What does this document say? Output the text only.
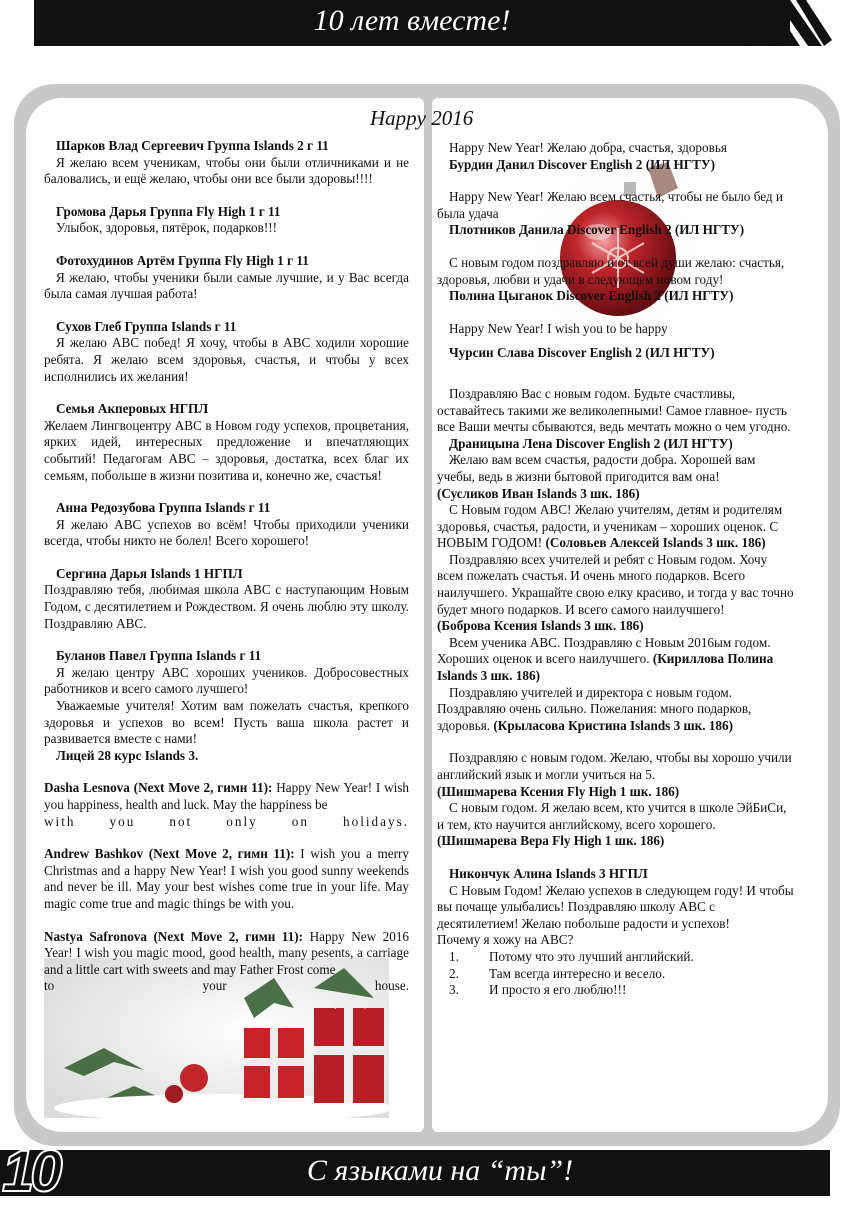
10 лет вместе!
Happy 2016

Шарков Влад Сергеевич Группа Islands 2 г 11

Я желаю всем ученикам, чтобы они были отличниками и не баловались, и ещё желаю, чтобы они все были здоровы!!!!

Громова Дарья Группа Fly High 1 г 11

Улыбок, здоровья, пятёрок, подарков!!!

Фотохудинов Артём Группа Fly High 1 г 11

Я желаю, чтобы ученики были самые лучшие, и у Вас всегда была самая лучшая работа!

Сухов Глеб Группа Islands г 11

Я желаю АВС побед! Я хочу, чтобы в АВС ходили хорошие ребята. Я желаю всем здоровья, счастья, и чтобы у всех исполнились их желания!

Семья Акперовых НГПЛ

Желаем Лингвоцентру АВС в Новом году успехов, процветания, ярких идей, интересных предложение и впечатляющих событий! Педагогам АВС – здоровья, достатка, всех благ их семьям, побольше в жизни позитива и, конечно же, счастья!

Анна Редозубова Группа Islands г 11

Я желаю АВС успехов во всём! Чтобы приходили ученики всегда, чтобы никто не болел! Всего хорошего!

Сергина Дарья Islands 1 НГПЛ

Поздравляю тебя, любимая школа АВС с наступающим Новым Годом, с десятилетием и Рождеством. Я очень люблю эту школу. Поздравляю АВС.

Буланов Павел Группа Islands г 11

Я желаю центру АВС хороших учеников. Добросовестных работников и всего самого лучшего!

Уважаемые учителя! Хотим вам пожелать счастья, крепкого здоровья и успехов во всем! Пусть ваша школа растет и развивается вместе с нами!

Лицей 28 курс Islands 3.

Dasha Lesnova (Next Move 2, гимн 11): Happy New Year! I wish you happiness, health and luck. May the happiness be

with you not only on holidays.

Andrew Bashkov (Next Move 2, гимн 11): I wish you a merry Christmas and a happy New Year! I wish you good sunny weekends and never be ill. May your best wishes come true in your life. May magic come true and magic things be with you.

Nastya Safronova (Next Move 2, гимн 11): Happy New 2016 Year! I wish you magic mood, good health, many pesents, a carriage and a little cart with sweets and may Father Frost come

to your house.

Happy New Year! Желаю добра, счастья, здоровья

Бурдин Данил Discover English 2 (ИЛ НГТУ)

Happy New Year! Желаю всем счастья, чтобы не было бед и была удача

Плотников Данила Discover English 2 (ИЛ НГТУ)

С новым годом поздравляю и от всей души желаю: счастья, здоровья, любви и удачи в следующем новом году!

Полина Цыганок Discover English 2 (ИЛ НГТУ)

Happy New Year! I wish you to be happy

Чурсин Слава Discover English 2 (ИЛ НГТУ)

Поздравляю Вас с новым годом. Будьте счастливы, оставайтесь такими же великолепными! Самое главное- пусть все Ваши мечты сбываются, ведь мечтать можно о чем угодно.

Драницына Лена Discover English 2 (ИЛ НГТУ)

Желаю вам всем счастья, радости добра. Хорошей вам учебы, ведь в жизни бытовой пригодится вам она!

(Сусликов Иван Islands 3 шк. 186)

С Новым годом АВС! Желаю учителям, детям и родителям здоровья, счастья, радости, и ученикам – хороших оценок. С НОВЫМ ГОДОМ! (Соловьев Алексей Islands 3 шк. 186)

Поздравляю всех учителей и ребят с Новым годом. Хочу всем пожелать счастья. И очень много подарков. Всего наилучшего. Украшайте свою елку красиво, и тогда у вас точно будет много подарков. И всего самого наилучшего!

(Боброва Ксения Islands 3 шк. 186)

Всем ученика АВС. Поздравляю с Новым 2016ым годом. Хороших оценок и всего наилучшего. (Кириллова Полина Islands 3 шк. 186)

Поздравляю учителей и директора с новым годом. Поздравляю очень сильно. Пожелания: много подарков, здоровья. (Крыласова Кристина Islands 3 шк. 186)

Поздравляю с новым годом. Желаю, чтобы вы хорошо учили английский язык и могли учиться на 5.

(Шишмарева Ксения Fly High 1 шк. 186)

С новым годом. Я желаю всем, кто учится в школе ЭйБиСи, и тем, кто научится английскому, всего хорошего. (Шишмарева Вера Fly High 1 шк. 186)

Никончук Алина Islands 3 НГПЛ

С Новым Годом! Желаю успехов в следующем году! И чтобы вы почаще улыбались! Поздравляю школу АВС с десятилетием! Желаю побольше радости и успехов!

Почему я хожу на АВС?

1. Потому что это лучший английский.
2. Там всегда интересно и весело.
3. И просто я его люблю!!!
10	С языками на “ты”!
